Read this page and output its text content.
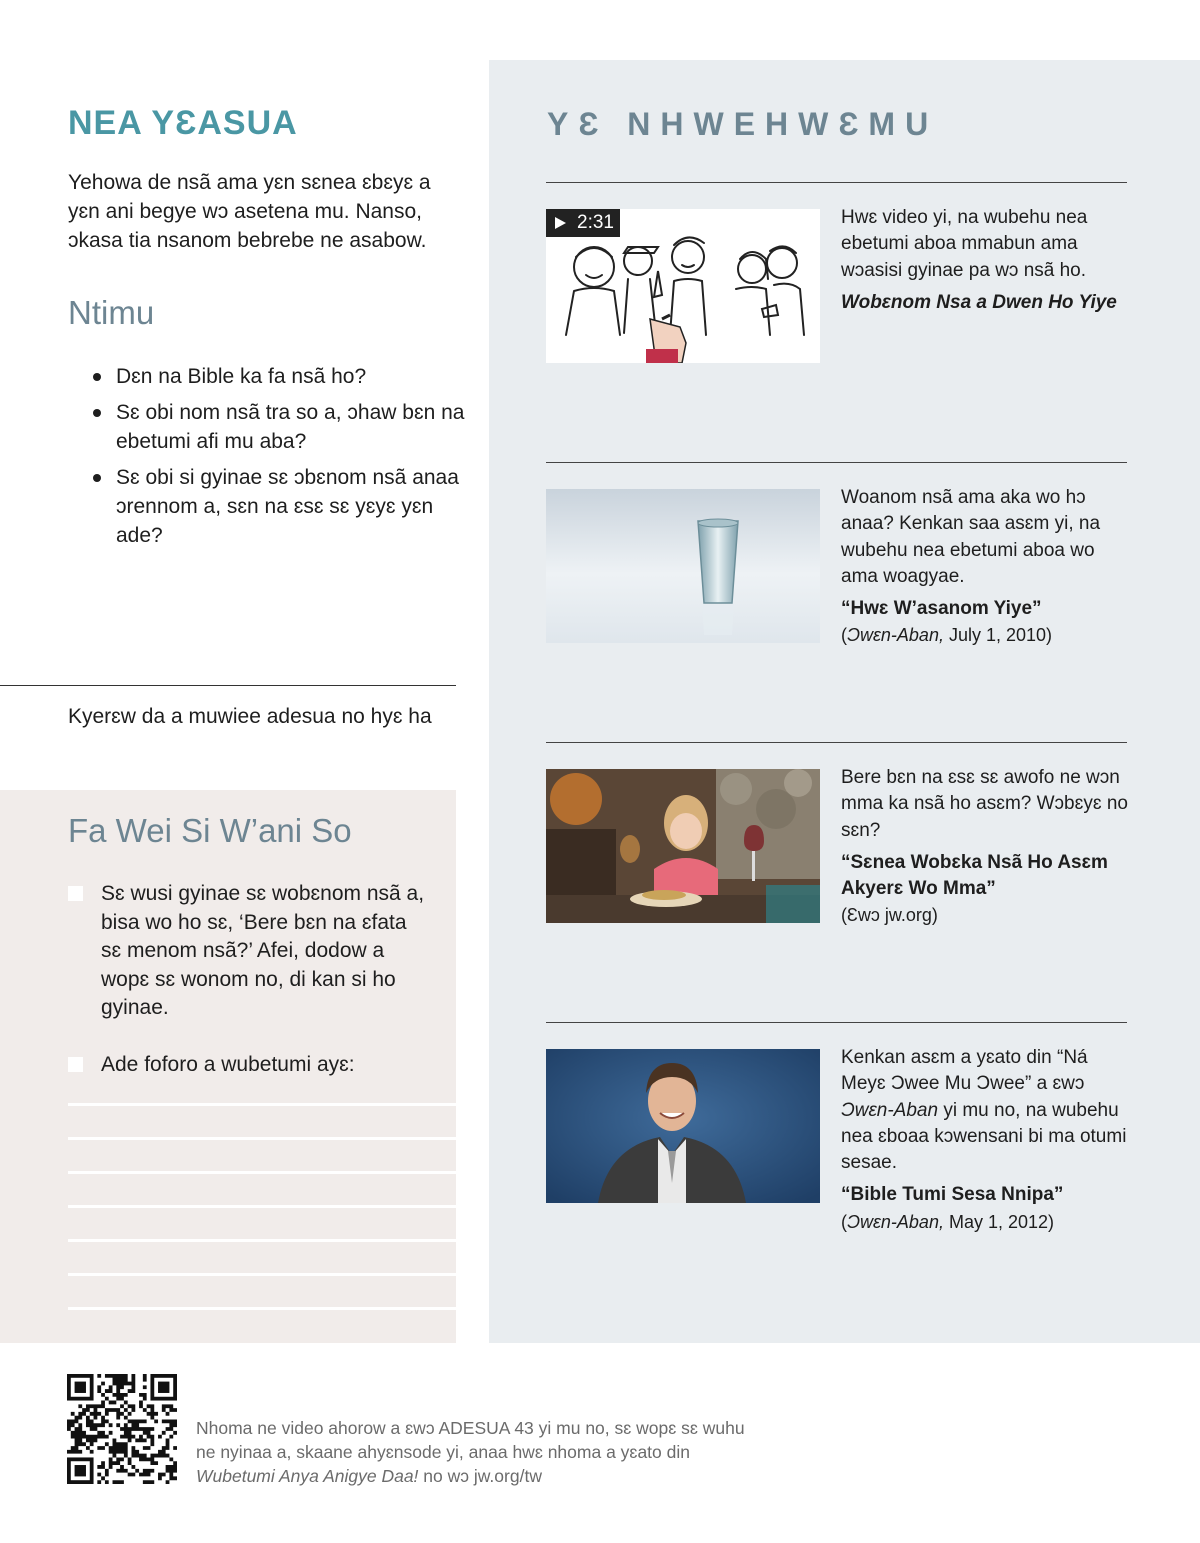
NEA YƐASUA

Yehowa de nsã ama yɛn sɛnea ɛbɛyɛ a yɛn ani begye wɔ asetena mu. Nanso, ɔkasa tia nsanom bebrebe ne asabow.

Ntimu
Dɛn na Bible ka fa nsã ho?
Sɛ obi nom nsã tra so a, ɔhaw bɛn na ebetumi afi mu aba?
Sɛ obi si gyinae sɛ ɔbɛnom nsã anaa ɔrennom a, sɛn na ɛsɛ sɛ yɛyɛ yɛn ade?

Kyerɛw da a muwiee adesua no hyɛ ha

Fa Wei Si W’ani So
Sɛ wusi gyinae sɛ wobɛnom nsã a, bisa wo ho sɛ, ‘Bere bɛn na ɛfata sɛ menom nsã?’ Afei, dodow a wopɛ sɛ wonom no, di kan si ho gyinae.
Ade foforo a wubetumi ayɛ:
YƐ NHWEHWƐMU
2:31	Hwɛ video yi, na wubehu nea ebetumi aboa mmabun ama wɔasisi gyinae pa wɔ nsã ho.

Wobɛnom Nsa a Dwen Ho Yiye

Woanom nsã ama aka wo hɔ anaa? Kenkan saa asɛm yi, na wubehu nea ebetumi aboa wo ama woagyae.

“Hwɛ W’asanom Yiye”

(Ɔwɛn-Aban, July 1, 2010)

Bere bɛn na ɛsɛ sɛ awofo ne wɔn mma ka nsã ho asɛm? Wɔbɛyɛ no sɛn?

“Sɛnea Wobɛka Nsã Ho Asɛm Akyerɛ Wo Mma”

(Ɛwɔ jw.org)

Kenkan asɛm a yɛato din “Ná Meyɛ Ɔwee Mu Ɔwee” a ɛwɔ Ɔwɛn-Aban yi mu no, na wubehu nea ɛboaa kɔwensani bi ma otumi sesae.

“Bible Tumi Sesa Nnipa”

(Ɔwɛn-Aban, May 1, 2012)

Nhoma ne video ahorow a ɛwɔ ADESUA 43 yi mu no, sɛ wopɛ sɛ wuhu ne nyinaa a, skaane ahyɛnsode yi, anaa hwɛ nhoma a yɛato din Wubetumi Anya Anigye Daa! no wɔ jw.org/tw
